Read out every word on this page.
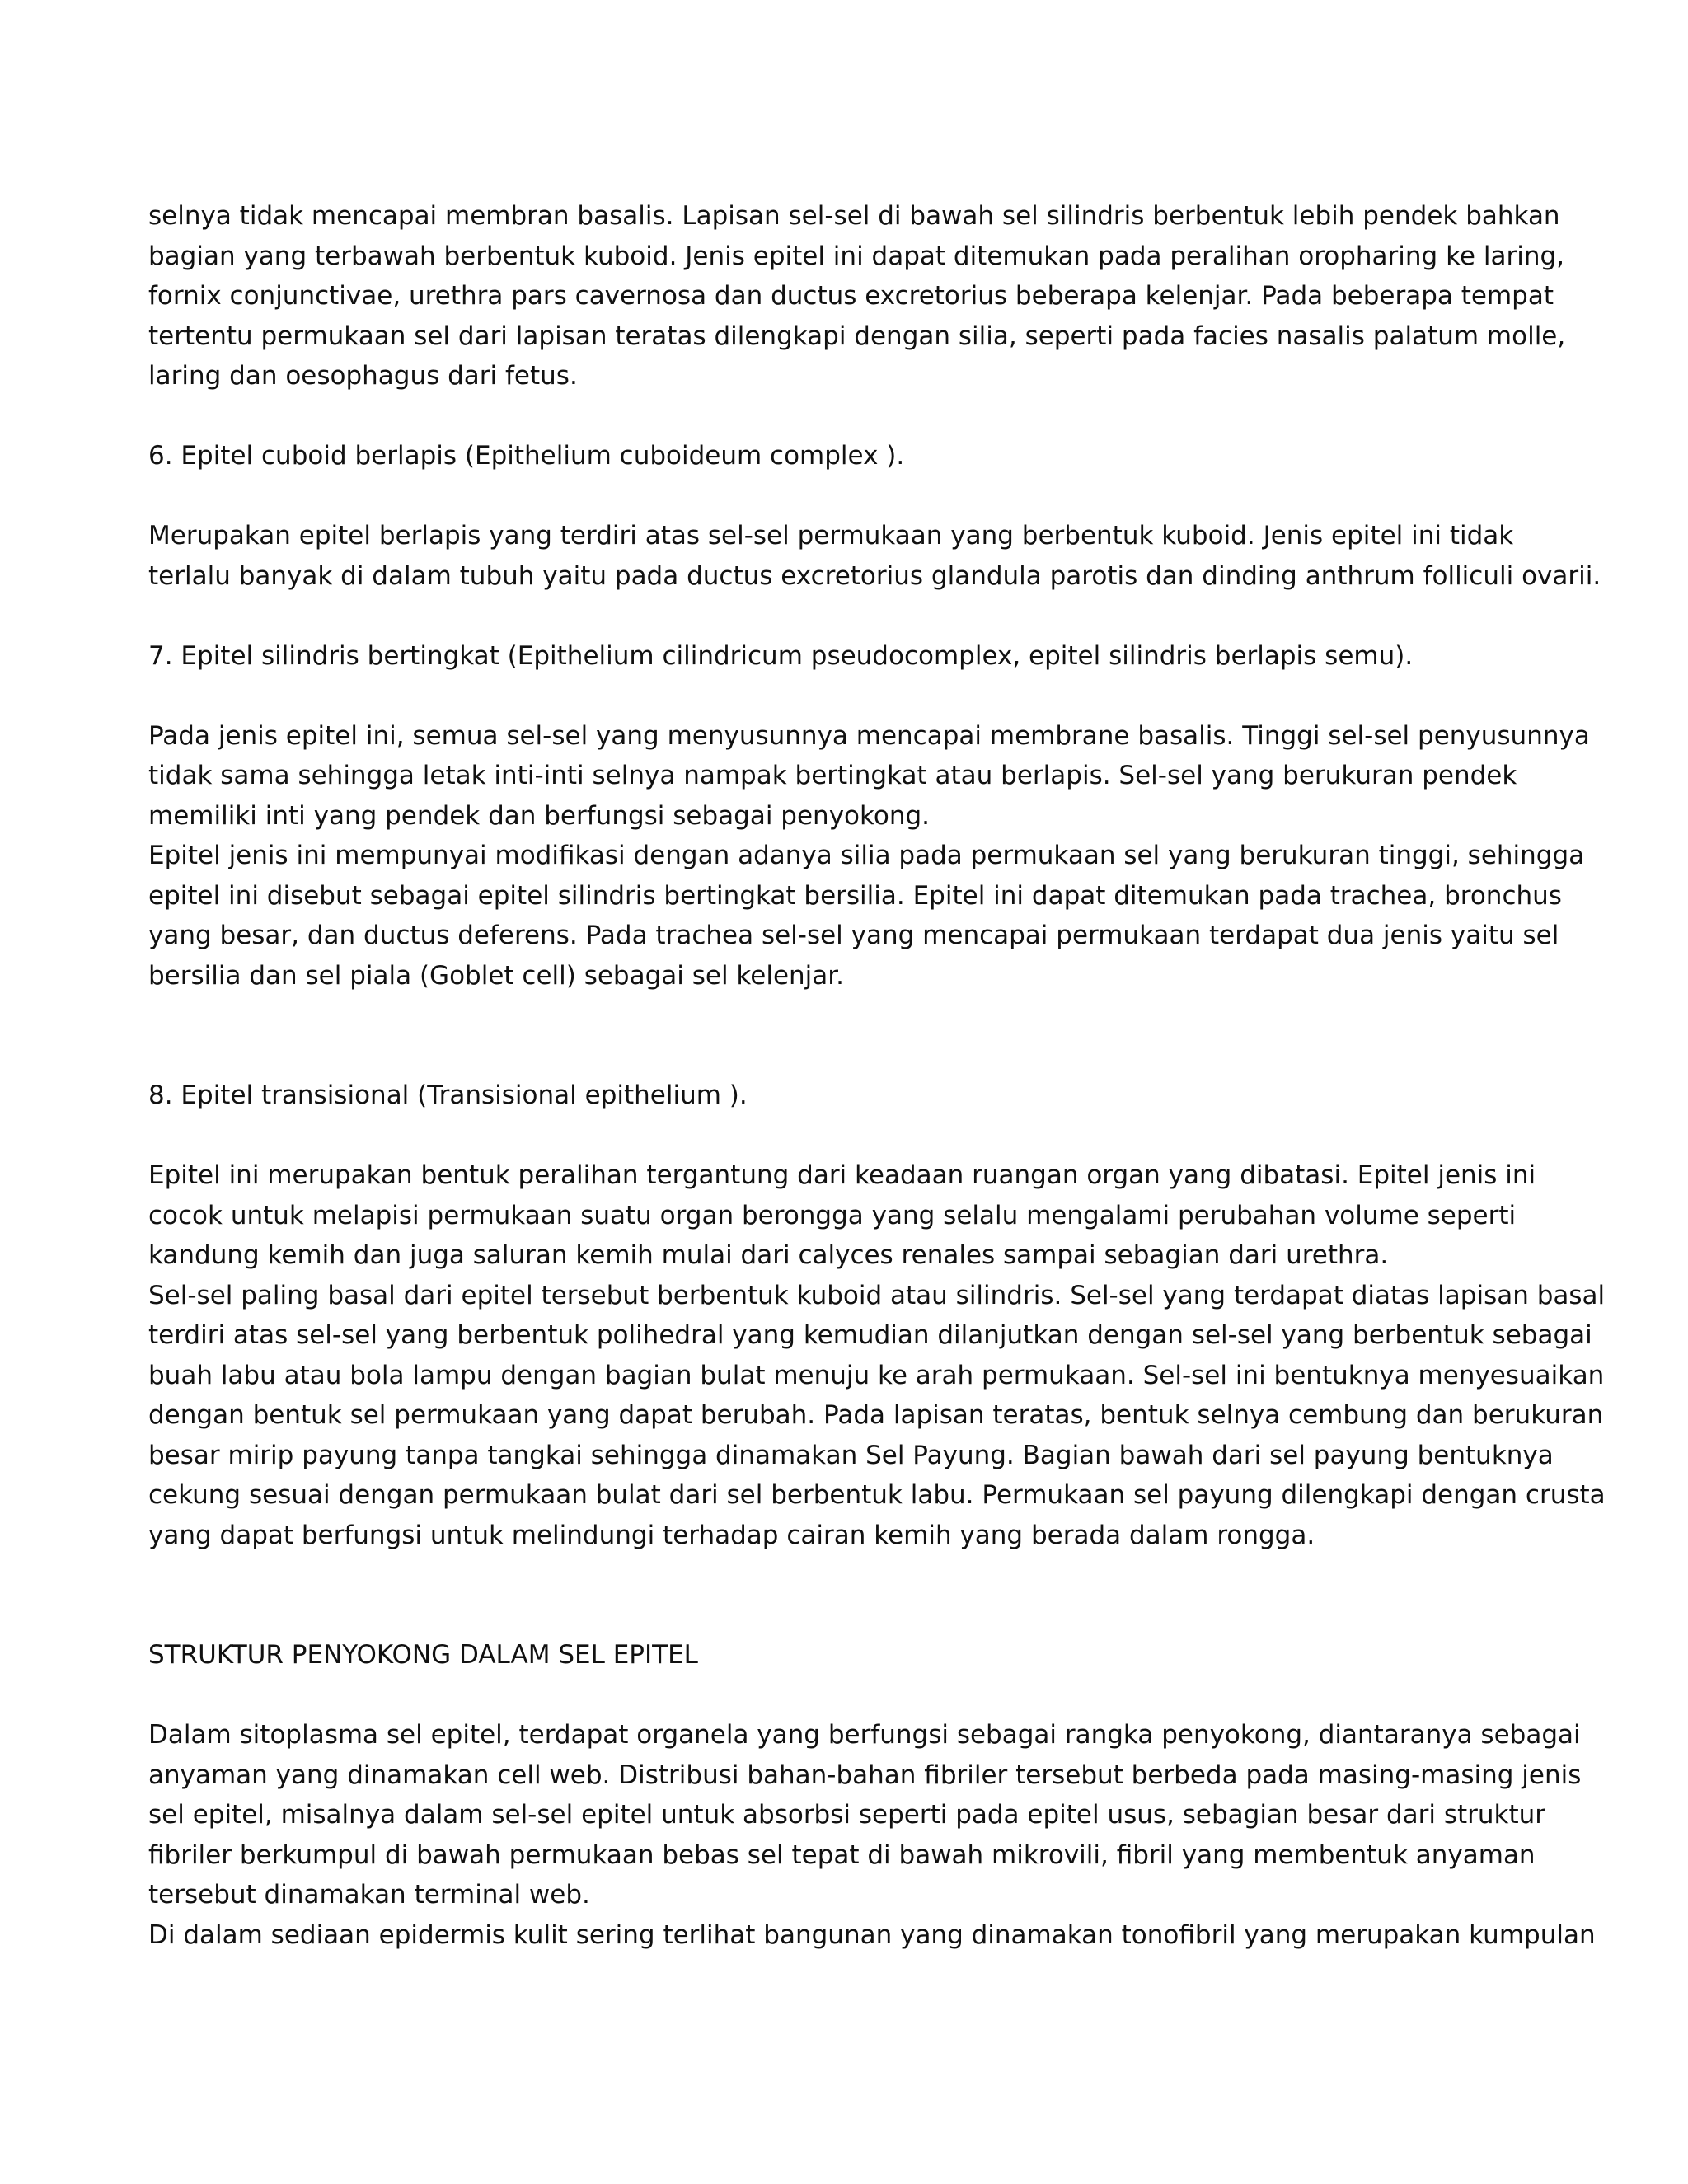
selnya tidak mencapai membran basalis. Lapisan sel-sel di bawah sel silindris berbentuk lebih pendek bahkan
bagian yang terbawah berbentuk kuboid. Jenis epitel ini dapat ditemukan pada peralihan oropharing ke laring,
fornix conjunctivae, urethra pars cavernosa dan ductus excretorius beberapa kelenjar. Pada beberapa tempat
tertentu permukaan sel dari lapisan teratas dilengkapi dengan silia, seperti pada facies nasalis palatum molle,
laring dan oesophagus dari fetus.
6. Epitel cuboid berlapis (Epithelium cuboideum complex ).
Merupakan epitel berlapis yang terdiri atas sel-sel permukaan yang berbentuk kuboid. Jenis epitel ini tidak
terlalu banyak di dalam tubuh yaitu pada ductus excretorius glandula parotis dan dinding anthrum folliculi ovarii.
7. Epitel silindris bertingkat (Epithelium cilindricum pseudocomplex, epitel silindris berlapis semu).
Pada jenis epitel ini, semua sel-sel yang menyusunnya mencapai membrane basalis. Tinggi sel-sel penyusunnya
tidak sama sehingga letak inti-inti selnya nampak bertingkat atau berlapis. Sel-sel yang berukuran pendek
memiliki inti yang pendek dan berfungsi sebagai penyokong.
Epitel jenis ini mempunyai modifikasi dengan adanya silia pada permukaan sel yang berukuran tinggi, sehingga
epitel ini disebut sebagai epitel silindris bertingkat bersilia. Epitel ini dapat ditemukan pada trachea, bronchus
yang besar, dan ductus deferens. Pada trachea sel-sel yang mencapai permukaan terdapat dua jenis yaitu sel
bersilia dan sel piala (Goblet cell) sebagai sel kelenjar.
8. Epitel transisional (Transisional epithelium ).
Epitel ini merupakan bentuk peralihan tergantung dari keadaan ruangan organ yang dibatasi. Epitel jenis ini
cocok untuk melapisi permukaan suatu organ berongga yang selalu mengalami perubahan volume seperti
kandung kemih dan juga saluran kemih mulai dari calyces renales sampai sebagian dari urethra.
Sel-sel paling basal dari epitel tersebut berbentuk kuboid atau silindris. Sel-sel yang terdapat diatas lapisan basal
terdiri atas sel-sel yang berbentuk polihedral yang kemudian dilanjutkan dengan sel-sel yang berbentuk sebagai
buah labu atau bola lampu dengan bagian bulat menuju ke arah permukaan. Sel-sel ini bentuknya menyesuaikan
dengan bentuk sel permukaan yang dapat berubah. Pada lapisan teratas, bentuk selnya cembung dan berukuran
besar mirip payung tanpa tangkai sehingga dinamakan Sel Payung. Bagian bawah dari sel payung bentuknya
cekung sesuai dengan permukaan bulat dari sel berbentuk labu. Permukaan sel payung dilengkapi dengan crusta
yang dapat berfungsi untuk melindungi terhadap cairan kemih yang berada dalam rongga.
STRUKTUR PENYOKONG DALAM SEL EPITEL
Dalam sitoplasma sel epitel, terdapat organela yang berfungsi sebagai rangka penyokong, diantaranya sebagai
anyaman yang dinamakan cell web. Distribusi bahan-bahan fibriler tersebut berbeda pada masing-masing jenis
sel epitel, misalnya dalam sel-sel epitel untuk absorbsi seperti pada epitel usus, sebagian besar dari struktur
fibriler berkumpul di bawah permukaan bebas sel tepat di bawah mikrovili, fibril yang membentuk anyaman
tersebut dinamakan terminal web.
Di dalam sediaan epidermis kulit sering terlihat bangunan yang dinamakan tonofibril yang merupakan kumpulan
